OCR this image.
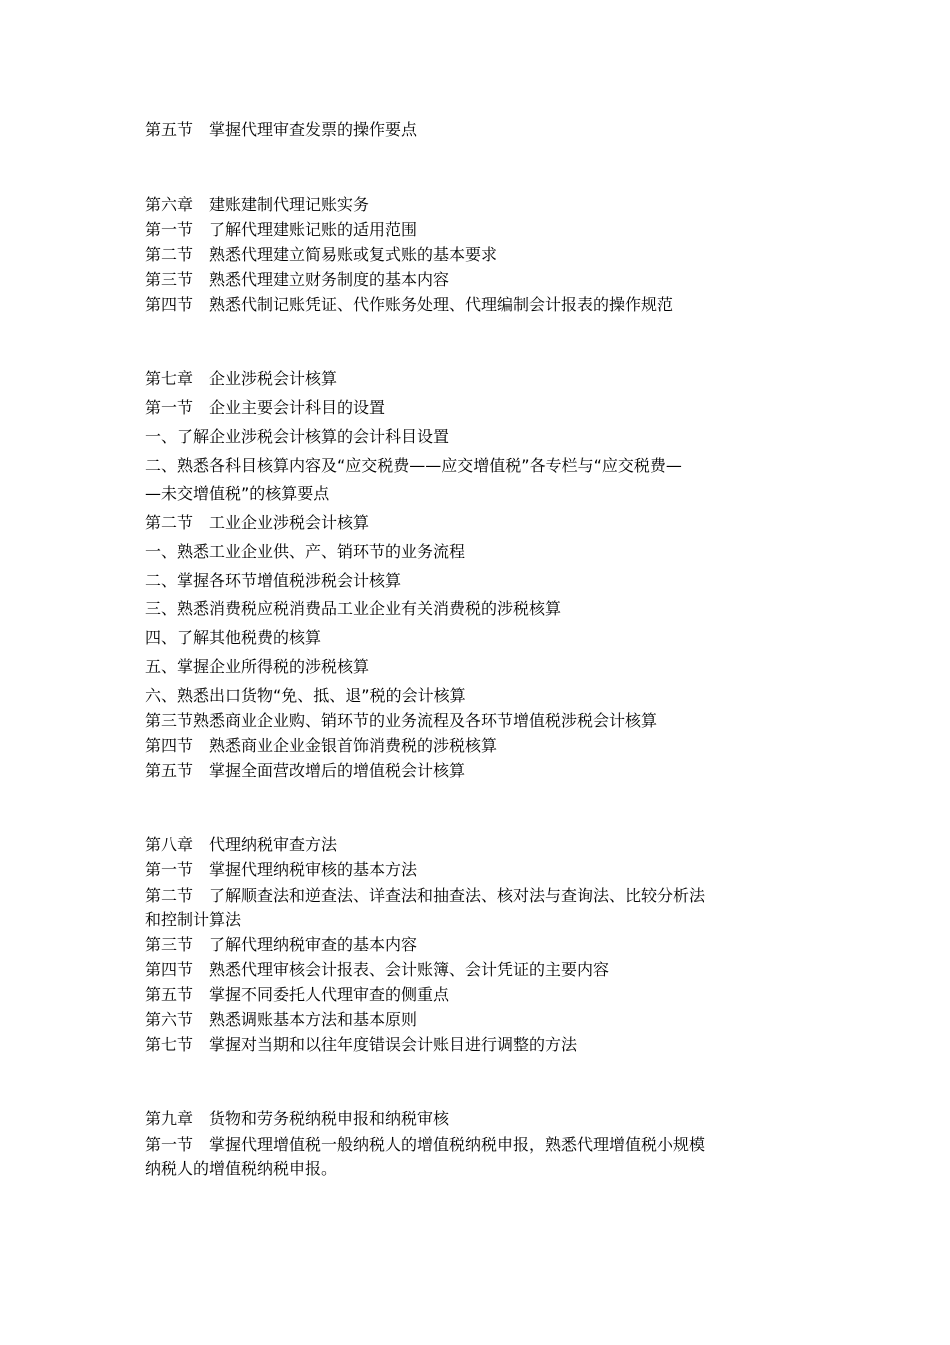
第五节　掌握代理审查发票的操作要点
第六章　建账建制代理记账实务
第一节　了解代理建账记账的适用范围
第二节　熟悉代理建立简易账或复式账的基本要求
第三节　熟悉代理建立财务制度的基本内容
第四节　熟悉代制记账凭证、代作账务处理、代理编制会计报表的操作规范
第七章　企业涉税会计核算
第一节　企业主要会计科目的设置
一、了解企业涉税会计核算的会计科目设置
二、熟悉各科目核算内容及“应交税费——应交增值税”各专栏与“应交税费—
—未交增值税”的核算要点
第二节　工业企业涉税会计核算
一、熟悉工业企业供、产、销环节的业务流程
二、掌握各环节增值税涉税会计核算
三、熟悉消费税应税消费品工业企业有关消费税的涉税核算
四、了解其他税费的核算
五、掌握企业所得税的涉税核算
六、熟悉出口货物“免、抵、退”税的会计核算
第三节熟悉商业企业购、销环节的业务流程及各环节增值税涉税会计核算
第四节　熟悉商业企业金银首饰消费税的涉税核算
第五节　掌握全面营改增后的增值税会计核算
第八章　代理纳税审查方法
第一节　掌握代理纳税审核的基本方法
第二节　了解顺查法和逆查法、详查法和抽查法、核对法与查询法、比较分析法
和控制计算法
第三节　了解代理纳税审查的基本内容
第四节　熟悉代理审核会计报表、会计账簿、会计凭证的主要内容
第五节　掌握不同委托人代理审查的侧重点
第六节　熟悉调账基本方法和基本原则
第七节　掌握对当期和以往年度错误会计账目进行调整的方法
第九章　货物和劳务税纳税申报和纳税审核
第一节　掌握代理增值税一般纳税人的增值税纳税申报，熟悉代理增值税小规模
纳税人的增值税纳税申报。
